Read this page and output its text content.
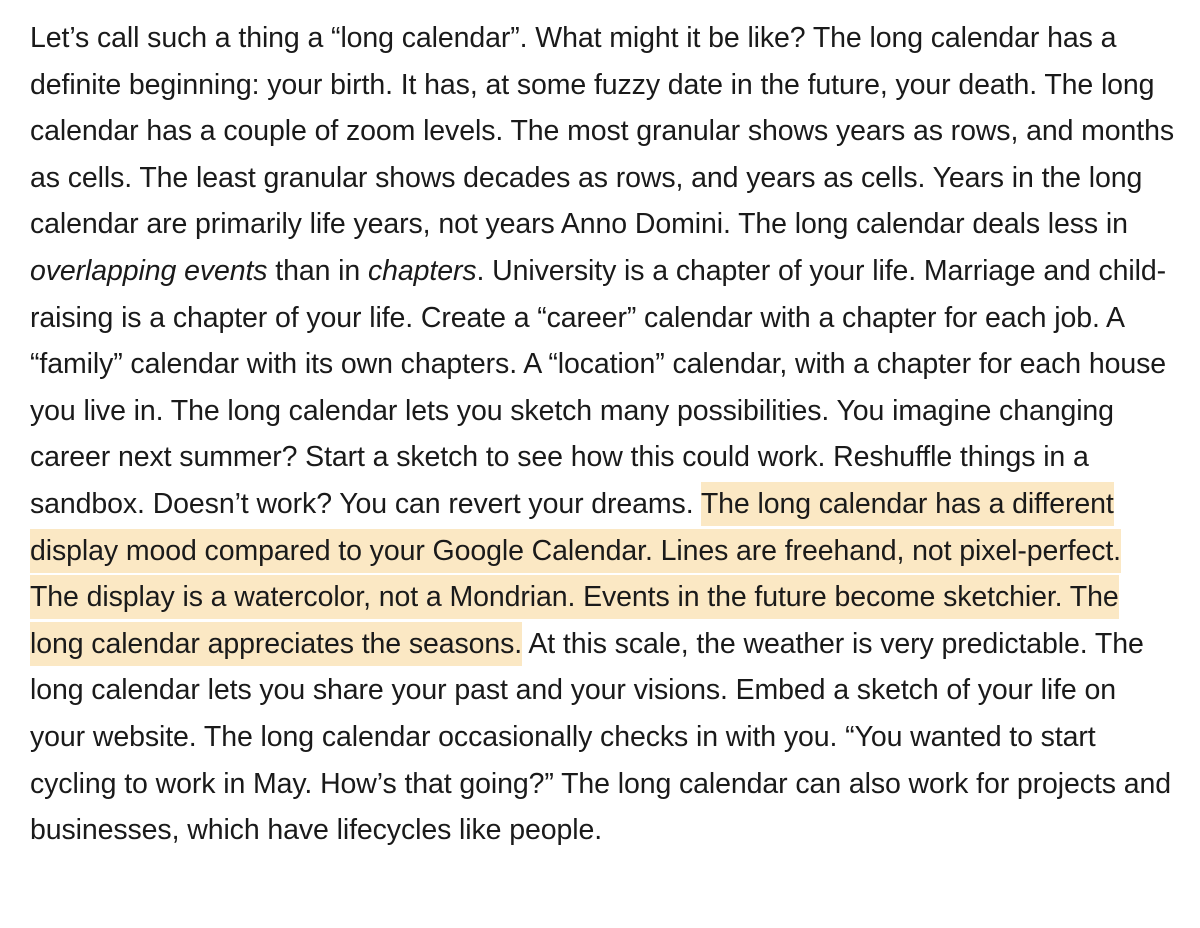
Let’s call such a thing a “long calendar”. What might it be like? The long calendar has a definite beginning: your birth. It has, at some fuzzy date in the future, your death. The long calendar has a couple of zoom levels. The most granular shows years as rows, and months as cells. The least granular shows decades as rows, and years as cells. Years in the long calendar are primarily life years, not years Anno Domini. The long calendar deals less in overlapping events than in chapters. University is a chapter of your life. Marriage and child-raising is a chapter of your life. Create a “career” calendar with a chapter for each job. A “family” calendar with its own chapters. A “location” calendar, with a chapter for each house you live in. The long calendar lets you sketch many possibilities. You imagine changing career next summer? Start a sketch to see how this could work. Reshuffle things in a sandbox. Doesn’t work? You can revert your dreams. The long calendar has a different display mood compared to your Google Calendar. Lines are freehand, not pixel-perfect. The display is a watercolor, not a Mondrian. Events in the future become sketchier. The long calendar appreciates the seasons. At this scale, the weather is very predictable. The long calendar lets you share your past and your visions. Embed a sketch of your life on your website. The long calendar occasionally checks in with you. “You wanted to start cycling to work in May. How’s that going?” The long calendar can also work for projects and businesses, which have lifecycles like people.
